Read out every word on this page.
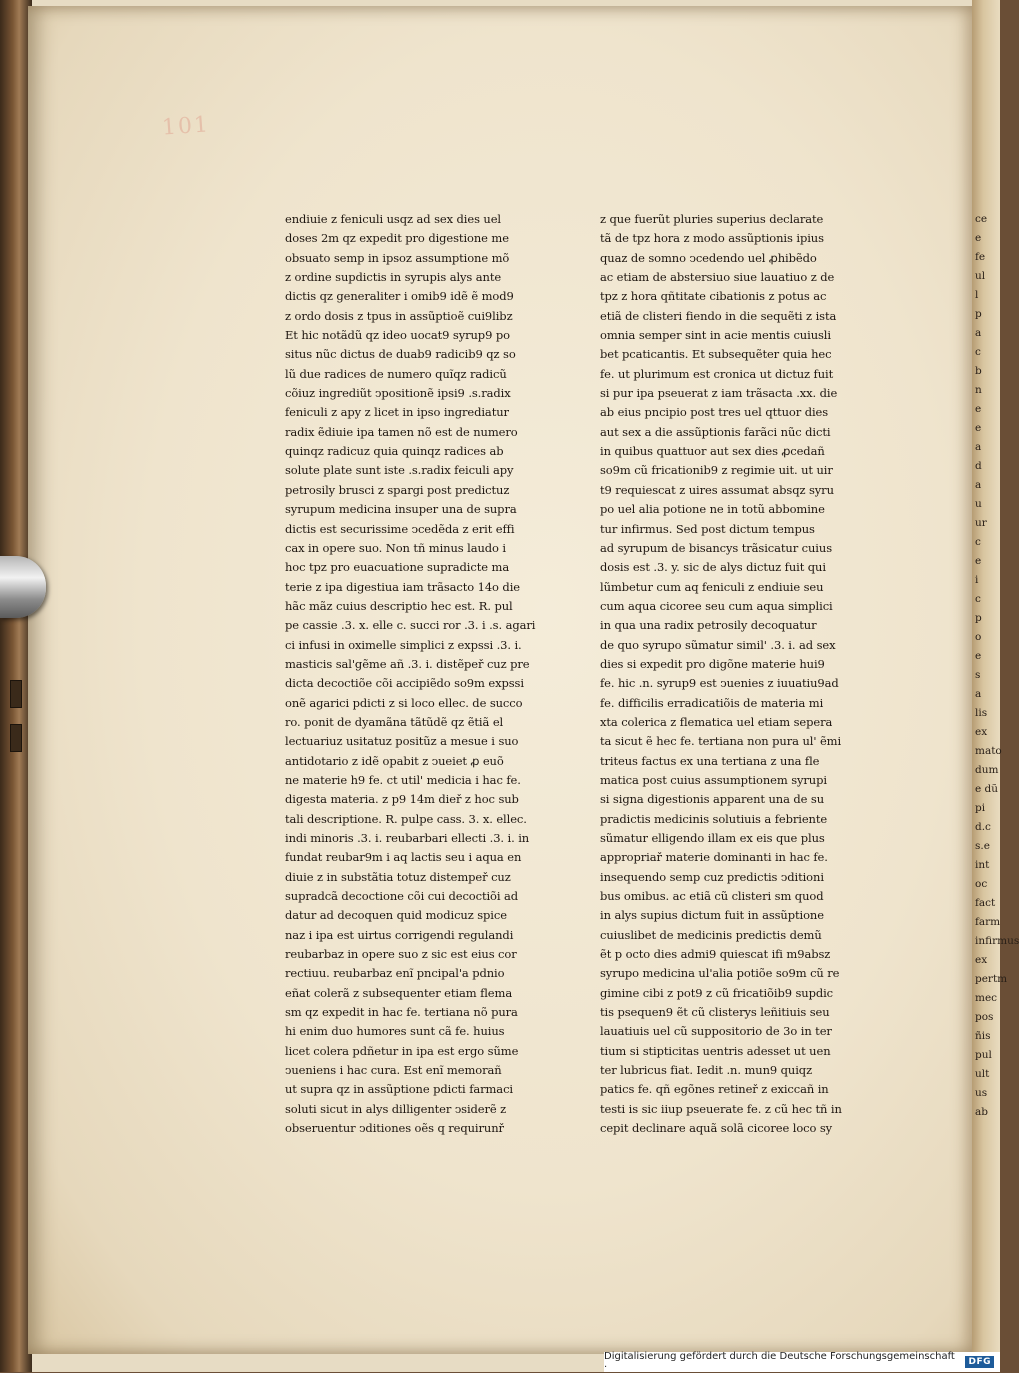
101
endiuie z feniculi usqz ad sex dies uel
doses 2m qz expedit pro digestione me
obsuato semp in ipsoz assumptione mõ
z ordine supdictis in syrupis alys ante
dictis qz generaliter i omib9 idẽ ẽ mod9
z ordo dosis z tpus in assũptioẽ cui9libz
Et hic notãdũ qz ideo uocat9 syrup9 po
situs nũc dictus de duab9 radicib9 qz so
lũ due radices de numero quĩqz radicũ
cõiuz ingrediũt ↄpositionẽ ipsi9 .s.radix
feniculi z apy z licet in ipso ingrediatur
radix ẽdiuie ipa tamen nõ est de numero
quinqz radicuz quia quinqz radices ab
solute plate sunt iste .s.radix feiculi apy
petrosily brusci z spargi post predictuz
syrupum medicina insuper una de supra
dictis est securissime ↄcedẽda z erit effi
cax in opere suo. Non tñ minus laudo i
hoc tpz pro euacuatione supradicte ma
terie z ipa digestiua iam trãsacto 14o die
hãc mãz cuius descriptio hec est. R. pul
pe cassie .3. x. elle c. succi ror .3. i .s. agari
ci infusi in oximelle simplici z expssi .3. i.
masticis sal'gẽme añ .3. i. distẽpeř cuz pre
dicta decoctiõe cõi accipiẽdo so9m expssi
onẽ agarici pdicti z si loco ellec. de succo
ro. ponit de dyamãna tãtũdẽ qz ẽtiã el
lectuariuz usitatuz positũz a mesue i suo
antidotario z idẽ opabit z ↄueiet ꝓ euõ
ne materie h9 fe. ct util' medicia i hac fe.
digesta materia. z p9 14m dieř z hoc sub
tali descriptione. R. pulpe cass. 3. x. ellec.
indi minoris .3. i. reubarbari ellecti .3. i. in
fundat reubar9m i aq lactis seu i aqua en
diuie z in substãtia totuz distempeř cuz
supradcã decoctione cõi cui decoctiõi ad
datur ad decoquen quid modicuz spice
naz i ipa est uirtus corrigendi regulandi
reubarbaz in opere suo z sic est eius cor
rectiuu. reubarbaz enĩ pncipal'a pdnio
eñat colerã z subsequenter etiam flema
sm qz expedit in hac fe. tertiana nõ pura
hi enim duo humores sunt cã fe. huius
licet colera pdñetur in ipa est ergo sũme
ↄueniens i hac cura. Est enĩ memorañ
ut supra qz in assũptione pdicti farmaci
soluti sicut in alys dilligenter ↄsiderẽ z
obseruentur ↄditiones oẽs q requirunř
z que fuerũt pluries superius declarate
tã de tpz hora z modo assũptionis ipius
quaz de somno ↄcedendo uel ꝓhibẽdo
ac etiam de abstersiuo siue lauatiuo z de
tpz z hora qñtitate cibationis z potus ac
etiã de clisteri fiendo in die sequẽti z ista
omnia semper sint in acie mentis cuiusli
bet pcaticantis. Et subsequẽter quia hec
fe. ut plurimum est cronica ut dictuz fuit
si pur ipa pseuerat z iam trãsacta .xx. die
ab eius pncipio post tres uel qttuor dies
aut sex a die assũptionis farãci nũc dicti
in quibus quattuor aut sex dies ꝓcedañ
so9m cũ fricationib9 z regimie uit. ut uir
t9 requiescat z uires assumat absqz syru
po uel alia potione ne in totũ abbomine
tur infirmus. Sed post dictum tempus
ad syrupum de bisancys trãsicatur cuius
dosis est .3. y. sic de alys dictuz fuit qui
lũmbetur cum aq feniculi z endiuie seu
cum aqua cicoree seu cum aqua simplici
in qua una radix petrosily decoquatur
de quo syrupo sũmatur simil' .3. i. ad sex
dies si expedit pro digõne materie hui9
fe. hic .n. syrup9 est ↄuenies z iuuatiu9ad
fe. difficilis erradicatiõis de materia mi
xta colerica z flematica uel etiam sepera
ta sicut ẽ hec fe. tertiana non pura ul' ẽmi
triteus factus ex una tertiana z una fle
matica post cuius assumptionem syrupi
si signa digestionis apparent una de su
pradictis medicinis solutiuis a febriente
sũmatur elligendo illam ex eis que plus
appropriař materie dominanti in hac fe.
insequendo semp cuz predictis ↄditioni
bus omibus. ac etiã cũ clisteri sm quod
in alys supius dictum fuit in assũptione
cuiuslibet de medicinis predictis demũ
ẽt p octo dies admi9 quiescat ifi m9absz
syrupo medicina ul'alia potiõe so9m cũ re
gimine cibi z pot9 z cũ fricatiõib9 supdic
tis psequen9 ẽt cũ clisterys leñitiuis seu
lauatiuis uel cũ suppositorio de 3o in ter
tium si stipticitas uentris adesset ut uen
ter lubricus fiat. Iedit .n. mun9 quiqz
patics fe. qñ egõnes retineř z exiccañ in
testi is sic iiup pseuerate fe. z cũ hec tñ in
cepit declinare aquã solã cicoree loco sy
ce
e
fe
ul
l
p
a
c
b
n
e
e
a
d
a
u
ur
c
e
i
c
p
o
e
s
a
lis
ex
mato
dum
e dũ
pi
d.c
s.e
int
oc
fact
farm
infirmus
ex
pertm
mec
pos
ñis
pul
ult
us
ab
Digitalisierung gefördert durch die Deutsche Forschungsgemeinschaft ·	DFG
